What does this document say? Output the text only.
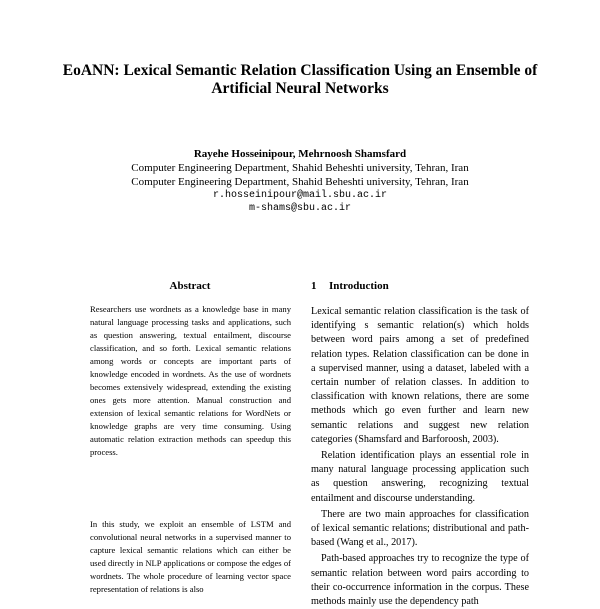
EoANN: Lexical Semantic Relation Classification Using an Ensemble of Artificial Neural Networks
Rayehe Hosseinipour, Mehrnoosh Shamsfard
Computer Engineering Department, Shahid Beheshti university, Tehran, Iran
Computer Engineering Department, Shahid Beheshti university, Tehran, Iran
r.hosseinipour@mail.sbu.ac.ir
m-shams@sbu.ac.ir
Abstract	1 Introduction

Researchers use wordnets as a knowledge base in many natural language processing tasks and applications, such as question answering, textual entailment, discourse classification, and so forth. Lexical semantic relations among words or concepts are important parts of knowledge encoded in wordnets. As the use of wordnets becomes extensively widespread, extending the existing ones gets more attention. Manual construction and extension of lexical semantic relations for WordNets or knowledge graphs are very time consuming. Using automatic relation extraction methods can speedup this process.

In this study, we exploit an ensemble of LSTM and convolutional neural networks in a supervised manner to capture lexical semantic relations which can either be used directly in NLP applications or compose the edges of wordnets. The whole procedure of learning vector space representation of relations is also

Lexical semantic relation classification is the task of identifying s semantic relation(s) which holds between word pairs among a set of predefined relation types. Relation classification can be done in a supervised manner, using a dataset, labeled with a certain number of relation classes. In addition to classification with known relations, there are some methods which go even further and learn new semantic relations and suggest new relation categories (Shamsfard and Barforoosh, 2003).

Relation identification plays an essential role in many natural language processing application such as question answering, recognizing textual entailment and discourse understanding.

There are two main approaches for classification of lexical semantic relations; distributional and path-based (Wang et al., 2017).

Path-based approaches try to recognize the type of semantic relation between word pairs according to their co-occurrence information in the corpus. These methods mainly use the dependency path
